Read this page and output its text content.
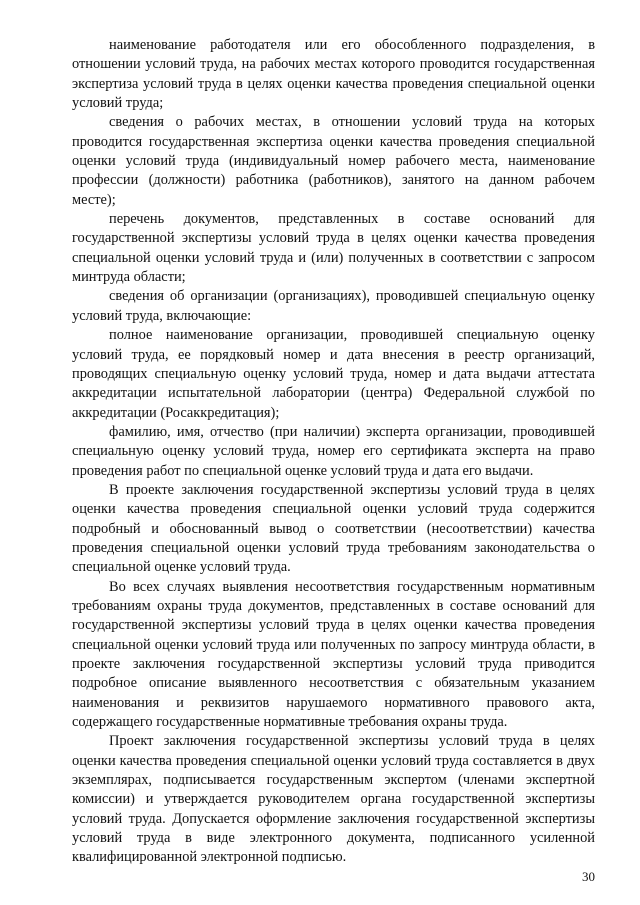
наименование работодателя или его обособленного подразделения, в отношении условий труда, на рабочих местах которого проводится государственная экспертиза условий труда в целях оценки качества проведения специальной оценки условий труда;

сведения о рабочих местах, в отношении условий труда на которых проводится государственная экспертиза оценки качества проведения специальной оценки условий труда (индивидуальный номер рабочего места, наименование профессии (должности) работника (работников), занятого на данном рабочем месте);

перечень документов, представленных в составе оснований для государственной экспертизы условий труда в целях оценки качества проведения специальной оценки условий труда и (или) полученных в соответствии с запросом минтруда области;

сведения об организации (организациях), проводившей специальную оценку условий труда, включающие:

полное наименование организации, проводившей специальную оценку условий труда, ее порядковый номер и дата внесения в реестр организаций, проводящих специальную оценку условий труда, номер и дата выдачи аттестата аккредитации испытательной лаборатории (центра) Федеральной службой по аккредитации (Росаккредитация);

фамилию, имя, отчество (при наличии) эксперта организации, проводившей специальную оценку условий труда, номер его сертификата эксперта на право проведения работ по специальной оценке условий труда и дата его выдачи.

В проекте заключения государственной экспертизы условий труда в целях оценки качества проведения специальной оценки условий труда содержится подробный и обоснованный вывод о соответствии (несоответствии) качества проведения специальной оценки условий труда требованиям законодательства о специальной оценке условий труда.

Во всех случаях выявления несоответствия государственным нормативным требованиям охраны труда документов, представленных в составе оснований для государственной экспертизы условий труда в целях оценки качества проведения специальной оценки условий труда или полученных по запросу минтруда области, в проекте заключения государственной экспертизы условий труда приводится подробное описание выявленного несоответствия с обязательным указанием наименования и реквизитов нарушаемого нормативного правового акта, содержащего государственные нормативные требования охраны труда.

Проект заключения государственной экспертизы условий труда в целях оценки качества проведения специальной оценки условий труда составляется в двух экземплярах, подписывается государственным экспертом (членами экспертной комиссии) и утверждается руководителем органа государственной экспертизы условий труда. Допускается оформление заключения государственной экспертизы условий труда в виде электронного документа, подписанного усиленной квалифицированной электронной подписью.

30
